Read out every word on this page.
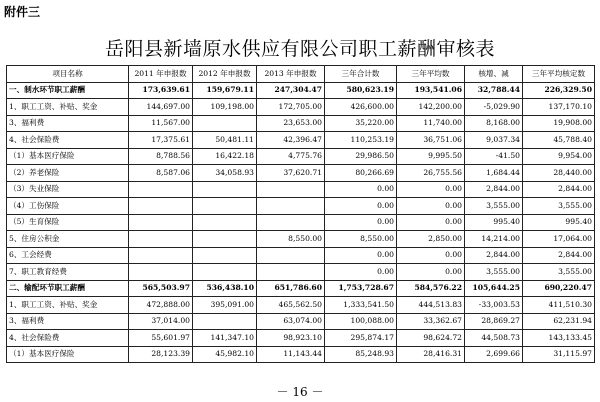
附件三
岳阳县新墙原水供应有限公司职工薪酬审核表
项目名称	2011 年申报数	2012 年申报数	2013 年申报数	三年合计数	三年平均数	核增、减	三年平均核定数
一、制水环节职工薪酬	173,639.61	159,679.11	247,304.47	580,623.19	193,541.06	32,788.44	226,329.50
1、职工工资、补贴、奖金	144,697.00	109,198.00	172,705.00	426,600.00	142,200.00	-5,029.90	137,170.10
3、福利费	11,567.00		23,653.00	35,220.00	11,740.00	8,168.00	19,908.00
4、社会保险费	17,375.61	50,481.11	42,396.47	110,253.19	36,751.06	9,037.34	45,788.40
（1）基本医疗保险	8,788.56	16,422.18	4,775.76	29,986.50	9,995.50	-41.50	9,954.00
（2）养老保险	8,587.06	34,058.93	37,620.71	80,266.69	26,755.56	1,684.44	28,440.00
（3）失业保险				0.00	0.00	2,844.00	2,844.00
（4）工伤保险				0.00	0.00	3,555.00	3,555.00
（5）生育保险				0.00	0.00	995.40	995.40
5、住房公积金			8,550.00	8,550.00	2,850.00	14,214.00	17,064.00
6、工会经费				0.00	0.00	2,844.00	2,844.00
7、职工教育经费				0.00	0.00	3,555.00	3,555.00
二、输配环节职工薪酬	565,503.97	536,438.10	651,786.60	1,753,728.67	584,576.22	105,644.25	690,220.47
1、职工工资、补贴、奖金	472,888.00	395,091.00	465,562.50	1,333,541.50	444,513.83	-33,003.53	411,510.30
3、福利费	37,014.00		63,074.00	100,088.00	33,362.67	28,869.27	62,231.94
4、社会保险费	55,601.97	141,347.10	98,923.10	295,874.17	98,624.72	44,508.73	143,133.45
（1）基本医疗保险	28,123.39	45,982.10	11,143.44	85,248.93	28,416.31	2,699.66	31,115.97
－ 16 －
